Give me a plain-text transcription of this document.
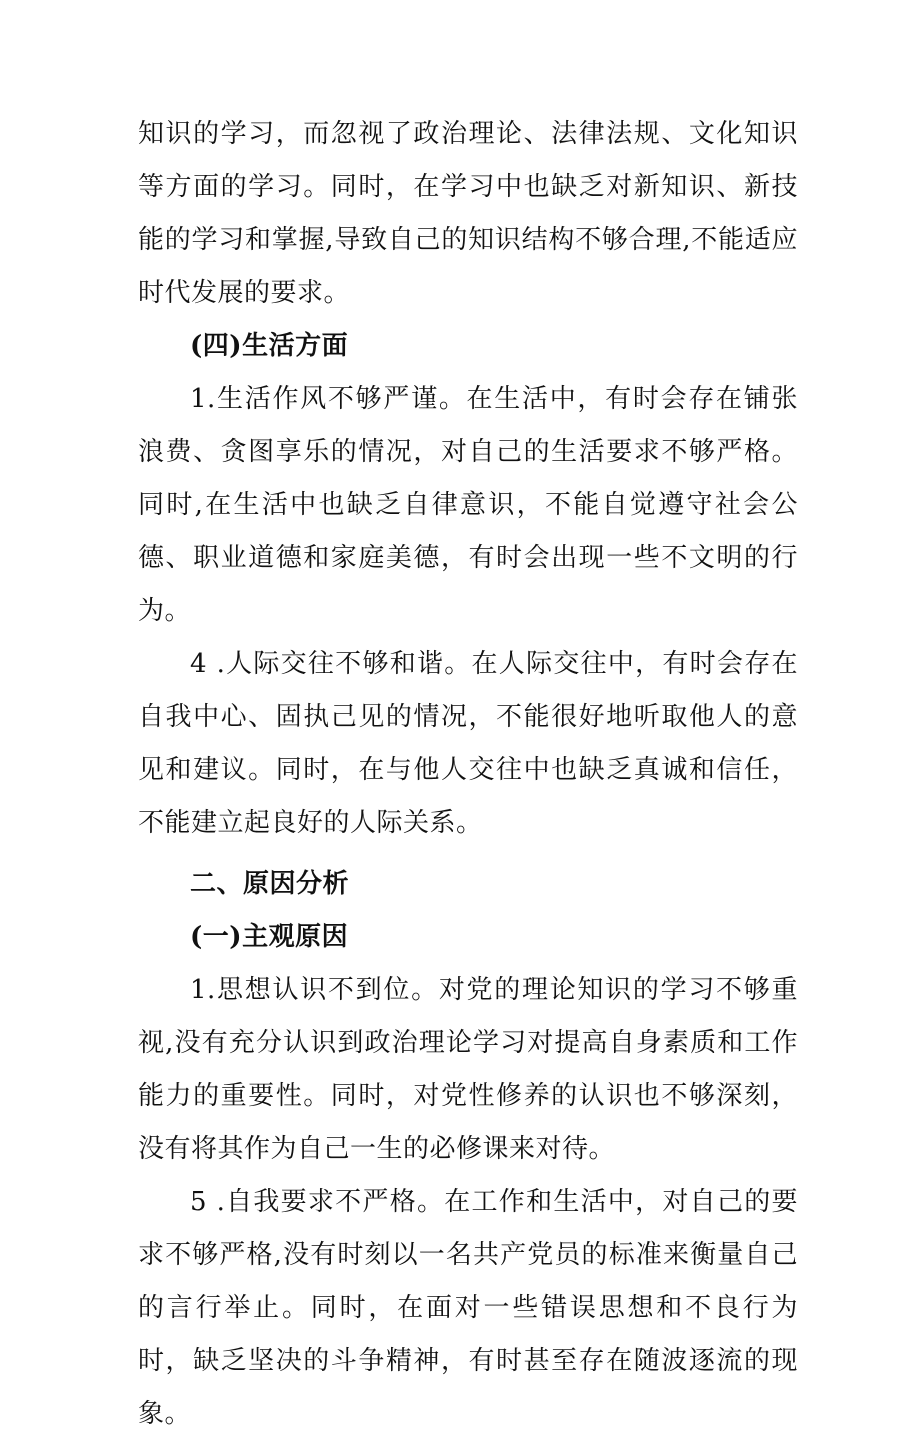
知识的学习，而忽视了政治理论、法律法规、文化知识等方面的学习。同时，在学习中也缺乏对新知识、新技能的学习和掌握,导致自己的知识结构不够合理,不能适应时代发展的要求。

(四)生活方面

1.生活作风不够严谨。在生活中，有时会存在铺张浪费、贪图享乐的情况，对自己的生活要求不够严格。同时,在生活中也缺乏自律意识，不能自觉遵守社会公德、职业道德和家庭美德，有时会出现一些不文明的行为。

4 .人际交往不够和谐。在人际交往中，有时会存在自我中心、固执己见的情况，不能很好地听取他人的意见和建议。同时，在与他人交往中也缺乏真诚和信任，不能建立起良好的人际关系。

二、原因分析

(一)主观原因

1.思想认识不到位。对党的理论知识的学习不够重视,没有充分认识到政治理论学习对提高自身素质和工作能力的重要性。同时，对党性修养的认识也不够深刻，没有将其作为自己一生的必修课来对待。

5 .自我要求不严格。在工作和生活中，对自己的要求不够严格,没有时刻以一名共产党员的标准来衡量自己的言行举止。同时，在面对一些错误思想和不良行为时，缺乏坚决的斗争精神，有时甚至存在随波逐流的现象。
